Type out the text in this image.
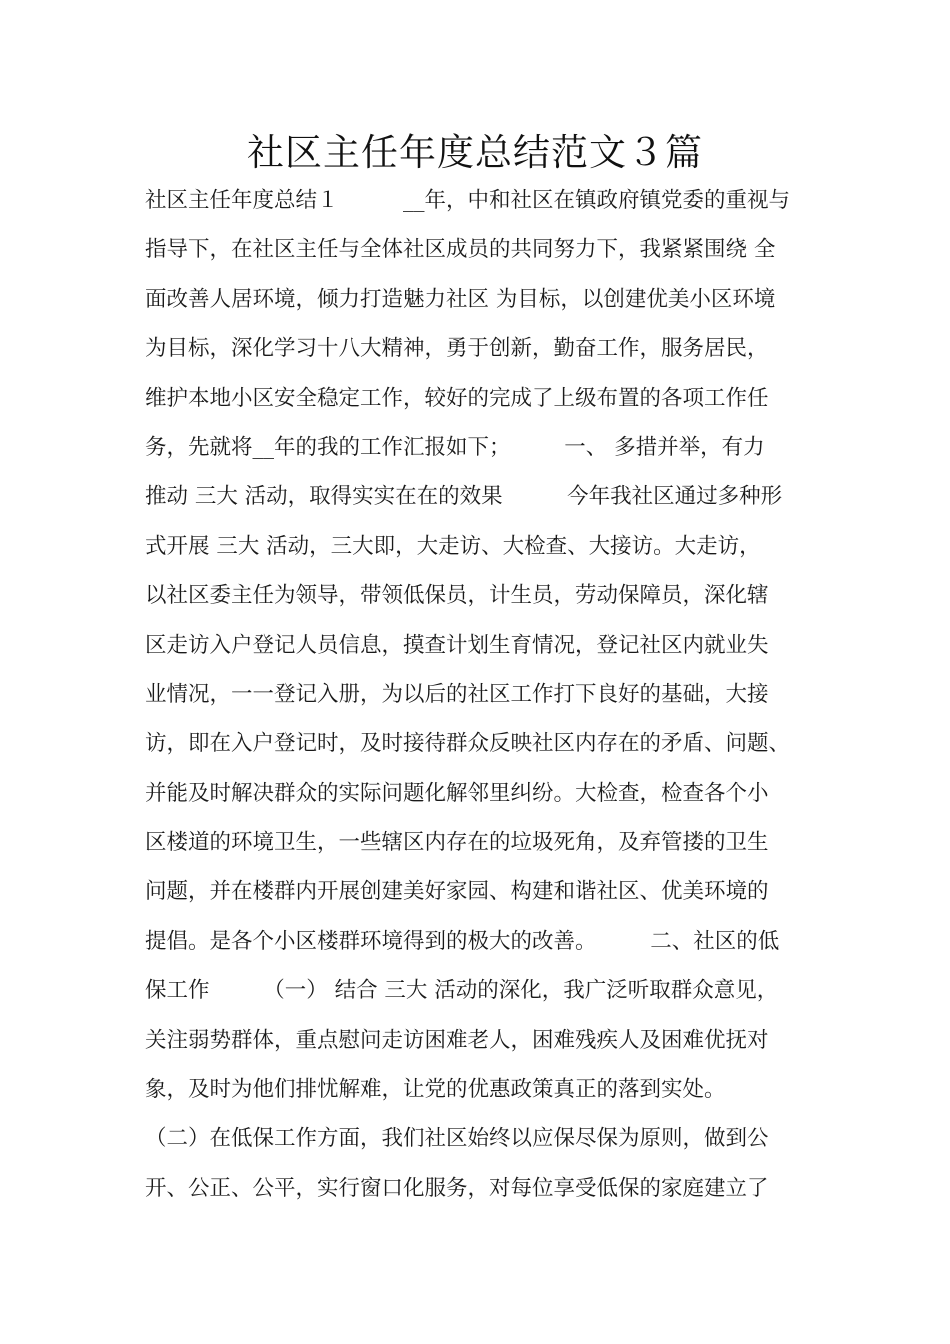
社区主任年度总结范文３篇
社区主任年度总结１　　　__年，中和社区在镇政府镇党委的重视与
指导下，在社区主任与全体社区成员的共同努力下，我紧紧围绕 全
面改善人居环境，倾力打造魅力社区 为目标，以创建优美小区环境
为目标，深化学习十八大精神，勇于创新，勤奋工作，服务居民，
维护本地小区安全稳定工作，较好的完成了上级布置的各项工作任
务，先就将__年的我的工作汇报如下；　　　一、 多措并举，有力
推动 三大 活动，取得实实在在的效果　　　今年我社区通过多种形
式开展 三大 活动，三大即，大走访、大检查、大接访。大走访，
以社区委主任为领导，带领低保员，计生员，劳动保障员，深化辖
区走访入户登记人员信息，摸查计划生育情况，登记社区内就业失
业情况，一一登记入册，为以后的社区工作打下良好的基础，大接
访，即在入户登记时，及时接待群众反映社区内存在的矛盾、问题、
并能及时解决群众的实际问题化解邻里纠纷。大检查，检查各个小
区楼道的环境卫生，一些辖区内存在的垃圾死角，及弃管搂的卫生
问题，并在楼群内开展创建美好家园、构建和谐社区、优美环境的
提倡。是各个小区楼群环境得到的极大的改善。　　　二、社区的低
保工作　　　（一） 结合 三大 活动的深化，我广泛听取群众意见，
关注弱势群体，重点慰问走访困难老人，困难残疾人及困难优抚对
象，及时为他们排忧解难，让党的优惠政策真正的落到实处。
（二）在低保工作方面，我们社区始终以应保尽保为原则，做到公
开、公正、公平，实行窗口化服务，对每位享受低保的家庭建立了
